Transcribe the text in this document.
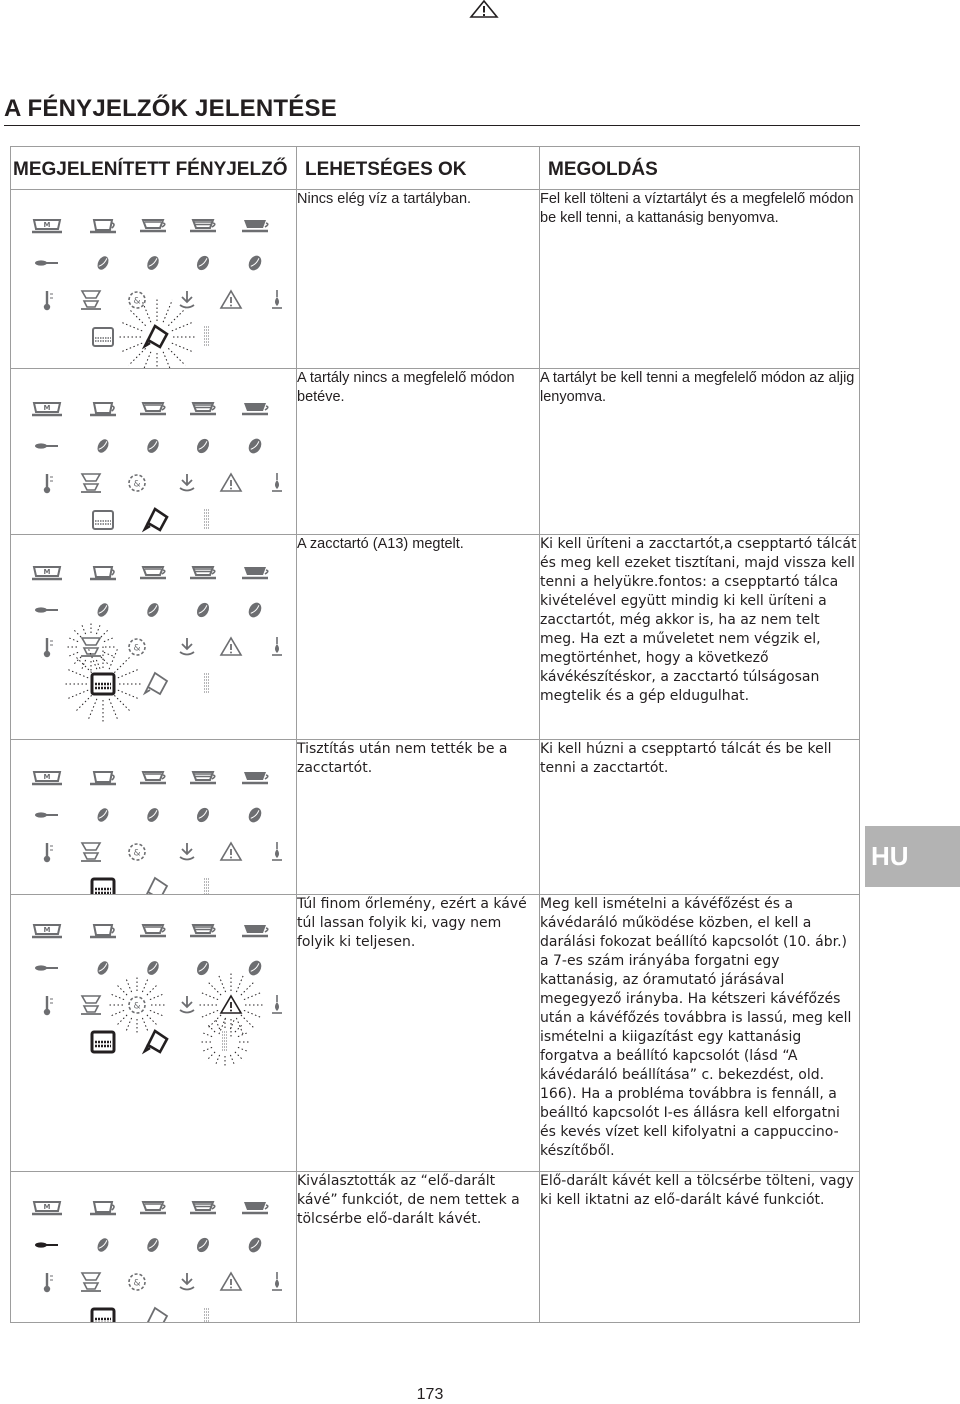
A FÉNYJELZŐK JELENTÉSE
MEGJELENÍTETT FÉNYJELZŐ	LEHETSÉGES OK	MEGOLDÁS

M
&	Nincs elég víz a tartályban.	Fel kell tölteni a víztartályt és a megfelelő módon be kell tenni, a kattanásig benyomva.

M
&	A tartály nincs a megfelelő módon betéve.	A tartályt be kell tenni a megfelelő módon az aljig lenyomva.

M
&	A zacctartó (A13) megtelt.	Ki kell üríteni a zacctartót,a csepptartó tálcát és meg kell ezeket tisztítani, majd vissza kell tenni a helyükre.fontos: a csepptartó tálca kivételével együtt mindig ki kell üríteni a zacctartót, még akkor is, ha az nem telt meg. Ha ezt a műveletet nem végzik el, megtörténhet, hogy a következő kávékészítéskor, a zacctartó túlságosan megtelik és a gép eldugulhat.

M
&	Tisztítás után nem tették be a zacctartót.	Ki kell húzni a csepptartó tálcát és be kell tenni a zacctartót.

M
&	Túl finom őrlemény, ezért a kávé túl lassan folyik ki, vagy nem folyik ki teljesen.	Meg kell ismételni a kávéfőzést és a kávédaráló működése közben, el kell a darálási fokozat beállító kapcsolót (10. ábr.) a 7-es szám irányába forgatni egy kattanásig, az óramutató járásával megegyező irányba. Ha kétszeri kávéfőzés után a kávéfőzés továbbra is lassú, meg kell ismételni a kiigazítást egy kattanásig forgatva a beállító kapcsolót (lásd “A kávédaráló beállítása” c. bekezdést, old. 166). Ha a probléma továbbra is fennáll, a beálltó kapcsolót I-es állásra kell elforgatni és kevés vízet kell kifolyatni a cappuccino-készítőből.

M
&	Kiválasztották az “elő-darált kávé” funkciót, de nem tettek a tölcsérbe elő-darált kávét.	Elő-darált kávét kell a tölcsérbe tölteni, vagy ki kell iktatni az elő-darált kávé funkciót.
HU
173
